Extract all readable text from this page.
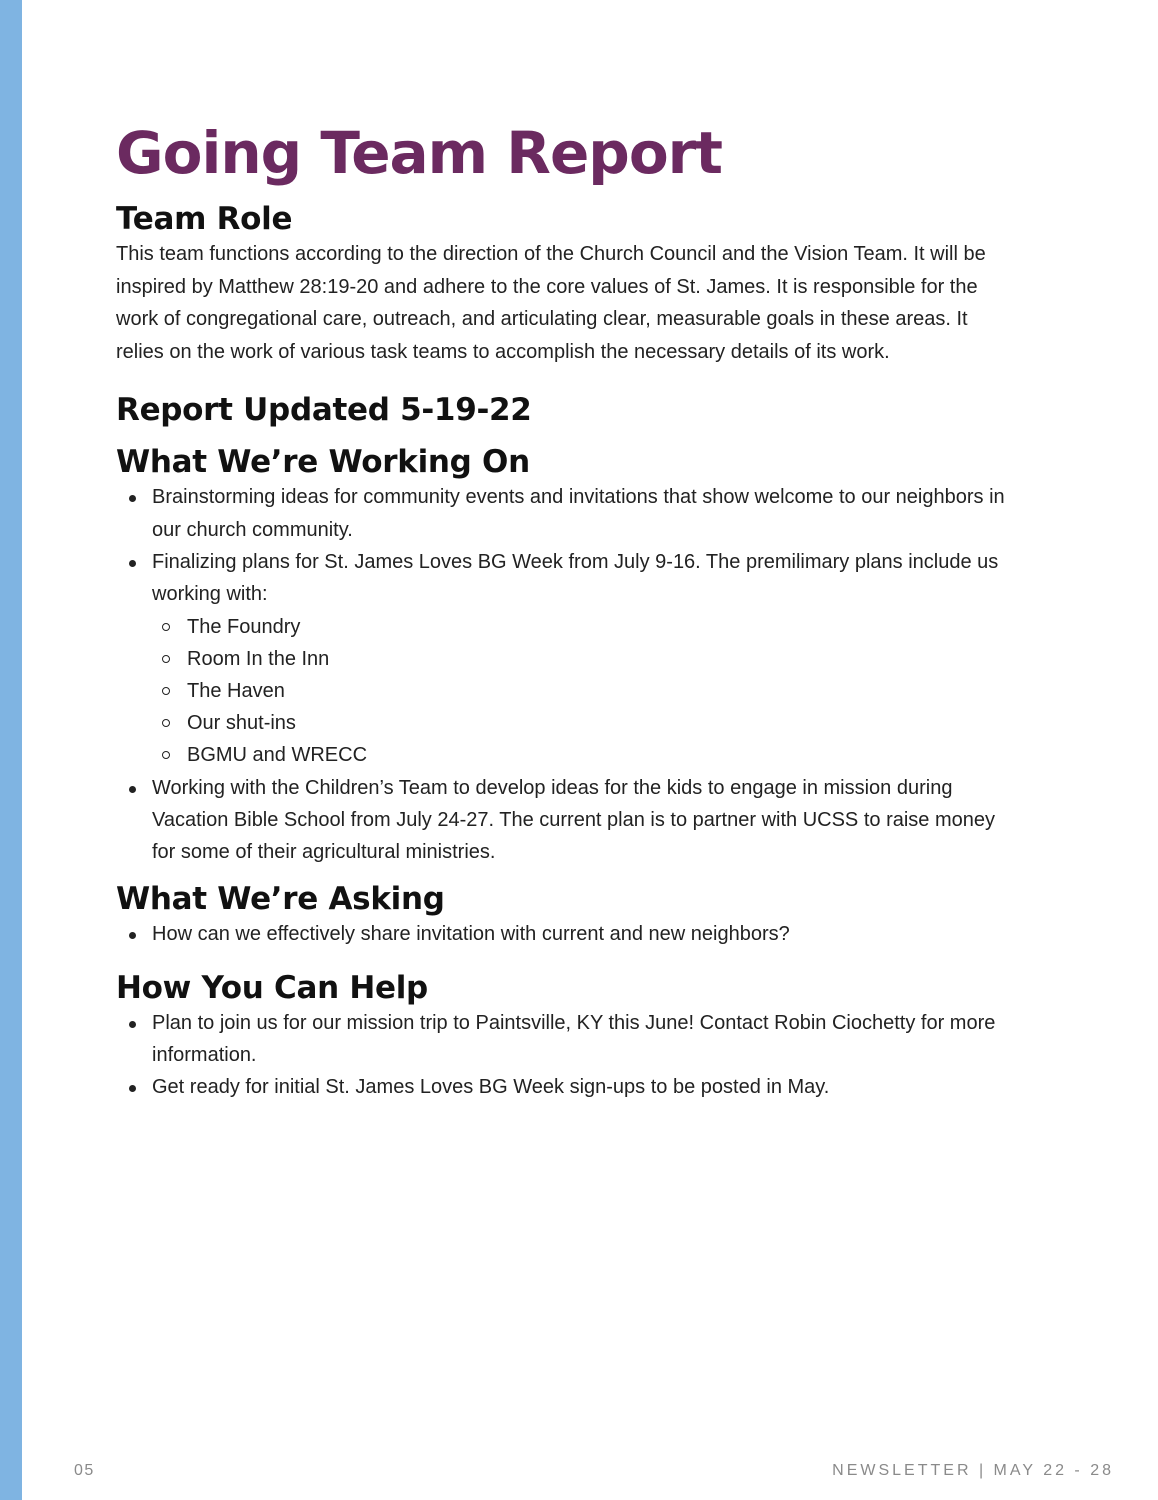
Going Team Report
Team Role

This team functions according to the direction of the Church Council and the Vision Team. It will be inspired by Matthew 28:19-20 and adhere to the core values of St. James. It is responsible for the work of congregational care, outreach, and articulating clear, measurable goals in these areas. It relies on the work of various task teams to accomplish the necessary details of its work.

Report Updated 5-19-22
What We’re Working On
Brainstorming ideas for community events and invitations that show welcome to our neighbors in our church community.
Finalizing plans for St. James Loves BG Week from July 9-16. The premilimary plans include us working with:
The Foundry
Room In the Inn
The Haven
Our shut-ins
BGMU and WRECC
Working with the Children’s Team to develop ideas for the kids to engage in mission during Vacation Bible School from July 24-27. The current plan is to partner with UCSS to raise money for some of their agricultural ministries.
What We’re Asking
How can we effectively share invitation with current and new neighbors?
How You Can Help
Plan to join us for our mission trip to Paintsville, KY this June! Contact Robin Ciochetty for more information.
Get ready for initial St. James Loves BG Week sign-ups to be posted in May.
05	NEWSLETTER | MAY 22 - 28
